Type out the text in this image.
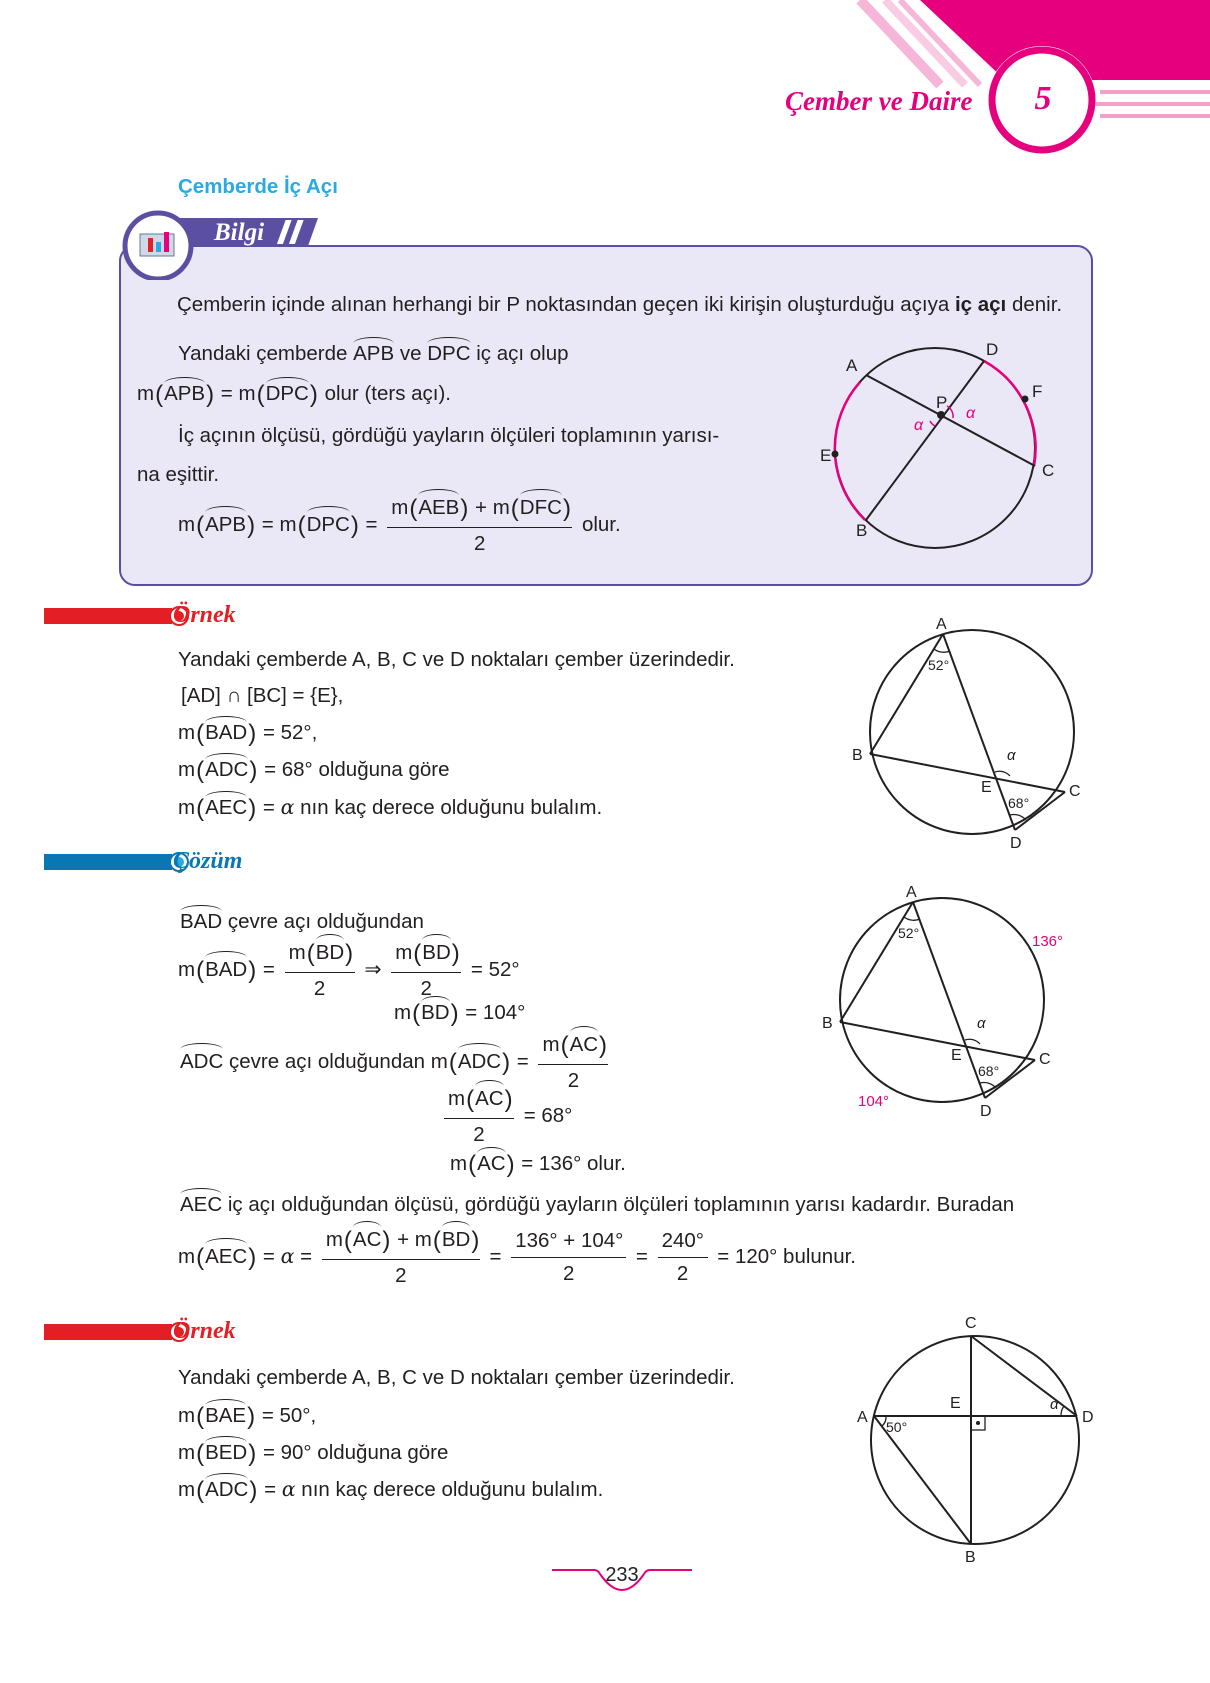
Çember ve Daire 5
Çemberde İç Açı
Bilgi
Çemberin içinde alınan herhangi bir P noktasından geçen iki kirişin oluşturduğu açıya iç açı denir.
Yandaki çemberde APB ve DPC iç açı olup
m(APB) = m(DPC) olur (ters açı).
İç açının ölçüsü, gördüğü yayların ölçüleri toplamının yarısı-
na eşittir.
$m(APB) = m(DPC) = \frac{\text{m(AEB) + m(DFC)}}{2}$ olur.
A
D
F
P
α
α
E
C
B
Örnek
Yandaki çemberde A, B, C ve D noktaları çember üzerindedir.
[AD] ∩ [BC] = {E},
m(BAD) = 52°,
m(ADC) = 68° olduğuna göre
m(AEC) = α nın kaç derece olduğunu bulalım.
A
52°
B	α
E
68°
C
D
Çözüm
BAD çevre açı olduğundan
$m(BAD) = \frac{m(BD)}{2}$ ⇒ $\frac{m(BD)}{2} = 52^\circ$
m(BD) = 104°
ADC çevre açı olduğundan $m(ADC) = \frac{m(AC)}{2}$
$\frac{m(AC)}{2} = 68^\circ$
m(AC) = 136° olur.
AEC iç açı olduğundan ölçüsü, gördüğü yayların ölçüleri toplamının yarısı kadardır. Buradan
$m(AEC) = \alpha = \frac{m(AC) + m(BD)}{2} = \frac{136^\circ + 104^\circ}{2} = \frac{240^\circ}{2} = 120^\circ$ bulunur.
A
52°	136°
B	α
E
68°
C
104°
D
Örnek
Yandaki çemberde A, B, C ve D noktaları çember üzerindedir.
m(BAE) = 50°,
m(BED) = 90° olduğuna göre
m(ADC) = α nın kaç derece olduğunu bulalım.
C
E	α
A
50°
D
B
233
